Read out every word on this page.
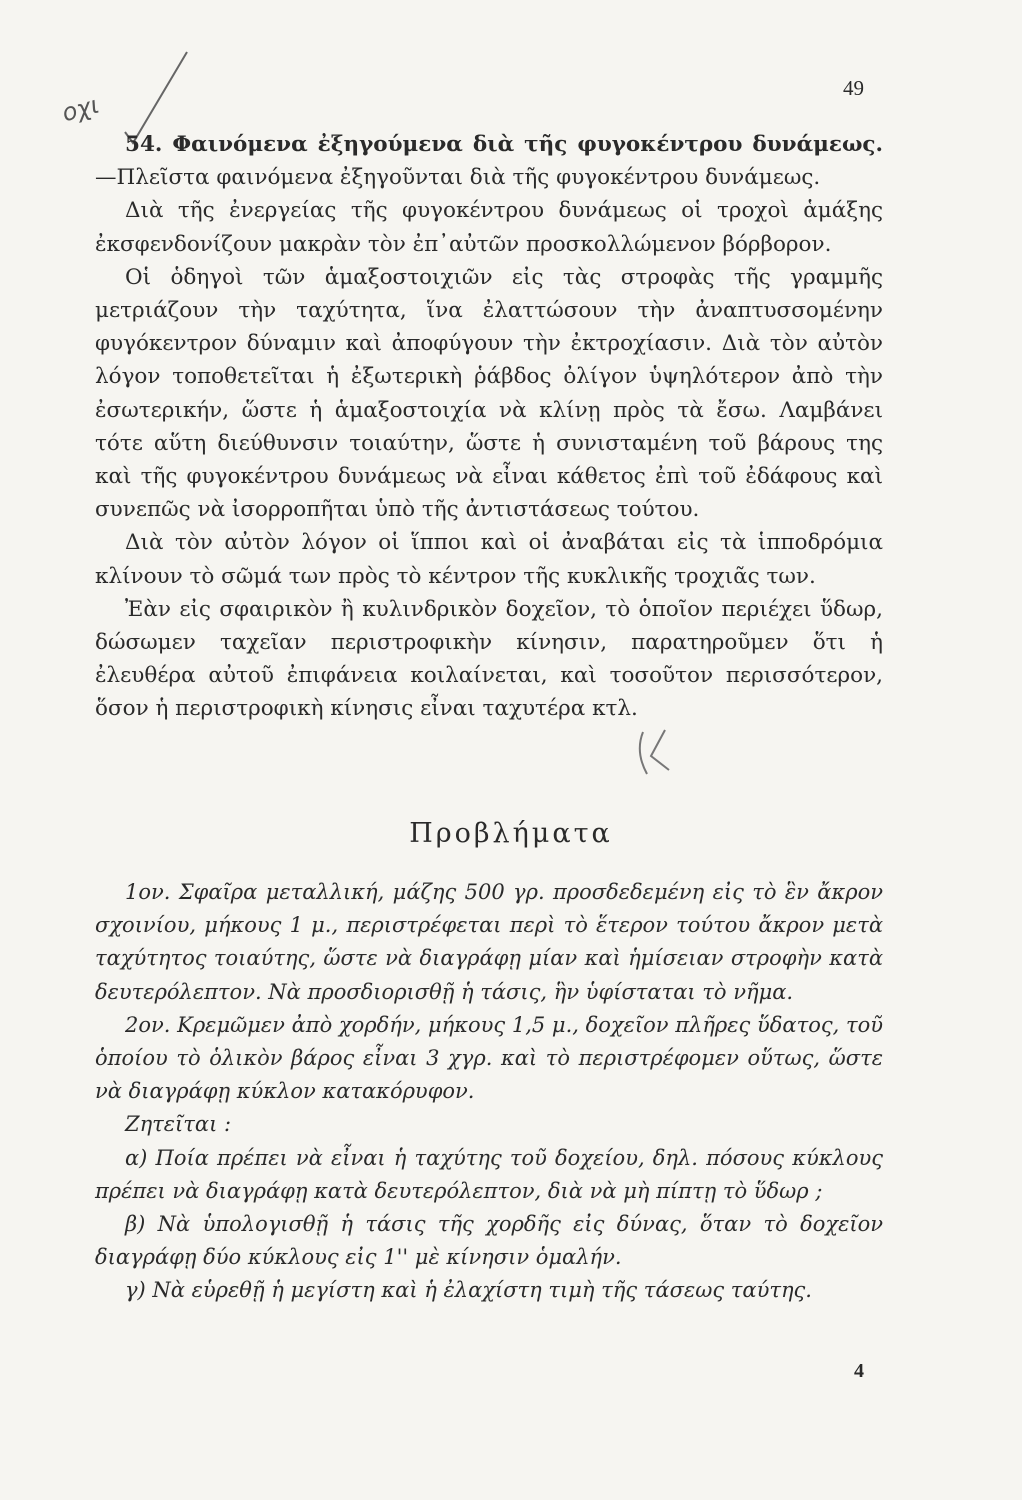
οχι
49

54. Φαινόμενα ἐξηγούμενα διὰ τῆς φυγοκέντρου δυνάμεως.—Πλεῖστα φαινόμενα ἐξηγοῦνται διὰ τῆς φυγοκέντρου δυνάμεως.

Διὰ τῆς ἐνεργείας τῆς φυγοκέντρου δυνάμεως οἱ τροχοὶ ἁμάξης ἐκσφενδονίζουν μακρὰν τὸν ἐπ᾽αὐτῶν προσκολλώμενον βόρβορον.

Οἱ ὁδηγοὶ τῶν ἁμαξοστοιχιῶν εἰς τὰς στροφὰς τῆς γραμμῆς μετριάζουν τὴν ταχύτητα, ἵνα ἐλαττώσουν τὴν ἀναπτυσσομένην φυγόκεντρον δύναμιν καὶ ἀποφύγουν τὴν ἐκτροχίασιν. Διὰ τὸν αὐτὸν λόγον τοποθετεῖται ἡ ἐξωτερικὴ ῥάβδος ὀλίγον ὑψηλότερον ἀπὸ τὴν ἐσωτερικήν, ὥστε ἡ ἁμαξοστοιχία νὰ κλίνῃ πρὸς τὰ ἔσω. Λαμβάνει τότε αὕτη διεύθυνσιν τοιαύτην, ὥστε ἡ συνισταμένη τοῦ βάρους της καὶ τῆς φυγοκέντρου δυνάμεως νὰ εἶναι κάθετος ἐπὶ τοῦ ἐδάφους καὶ συνεπῶς νὰ ἰσορροπῆται ὑπὸ τῆς ἀντιστάσεως τούτου.

Διὰ τὸν αὐτὸν λόγον οἱ ἵπποι καὶ οἱ ἀναβάται εἰς τὰ ἱπποδρόμια κλίνουν τὸ σῶμά των πρὸς τὸ κέντρον τῆς κυκλικῆς τροχιᾶς των.

Ἐὰν εἰς σφαιρικὸν ἢ κυλινδρικὸν δοχεῖον, τὸ ὁποῖον περιέχει ὕδωρ, δώσωμεν ταχεῖαν περιστροφικὴν κίνησιν, παρατηροῦμεν ὅτι ἡ ἐλευθέρα αὐτοῦ ἐπιφάνεια κοιλαίνεται, καὶ τοσοῦτον περισσότερον, ὅσον ἡ περιστροφικὴ κίνησις εἶναι ταχυτέρα κτλ.

Προβλήματα

1ον. Σφαῖρα μεταλλική, μάζης 500 γρ. προσδεδεμένη εἰς τὸ ἓν ἄκρον σχοινίου, μήκους 1 μ., περιστρέφεται περὶ τὸ ἕτερον τούτου ἄκρον μετὰ ταχύτητος τοιαύτης, ὥστε νὰ διαγράφῃ μίαν καὶ ἡμίσειαν στροφὴν κατὰ δευτερόλεπτον. Νὰ προσδιορισθῇ ἡ τάσις, ἣν ὑφίσταται τὸ νῆμα.

2ον. Κρεμῶμεν ἀπὸ χορδήν, μήκους 1,5 μ., δοχεῖον πλῆρες ὕδατος, τοῦ ὁποίου τὸ ὁλικὸν βάρος εἶναι 3 χγρ. καὶ τὸ περιστρέφομεν οὕτως, ὥστε νὰ διαγράφῃ κύκλον κατακόρυφον.

Ζητεῖται :

α) Ποία πρέπει νὰ εἶναι ἡ ταχύτης τοῦ δοχείου, δηλ. πόσους κύκλους πρέπει νὰ διαγράφῃ κατὰ δευτερόλεπτον, διὰ νὰ μὴ πίπτῃ τὸ ὕδωρ ;

β) Νὰ ὑπολογισθῇ ἡ τάσις τῆς χορδῆς εἰς δύνας, ὅταν τὸ δοχεῖον διαγράφῃ δύο κύκλους εἰς 1'' μὲ κίνησιν ὁμαλήν.

γ) Νὰ εὑρεθῇ ἡ μεγίστη καὶ ἡ ἐλαχίστη τιμὴ τῆς τάσεως ταύτης.

4
